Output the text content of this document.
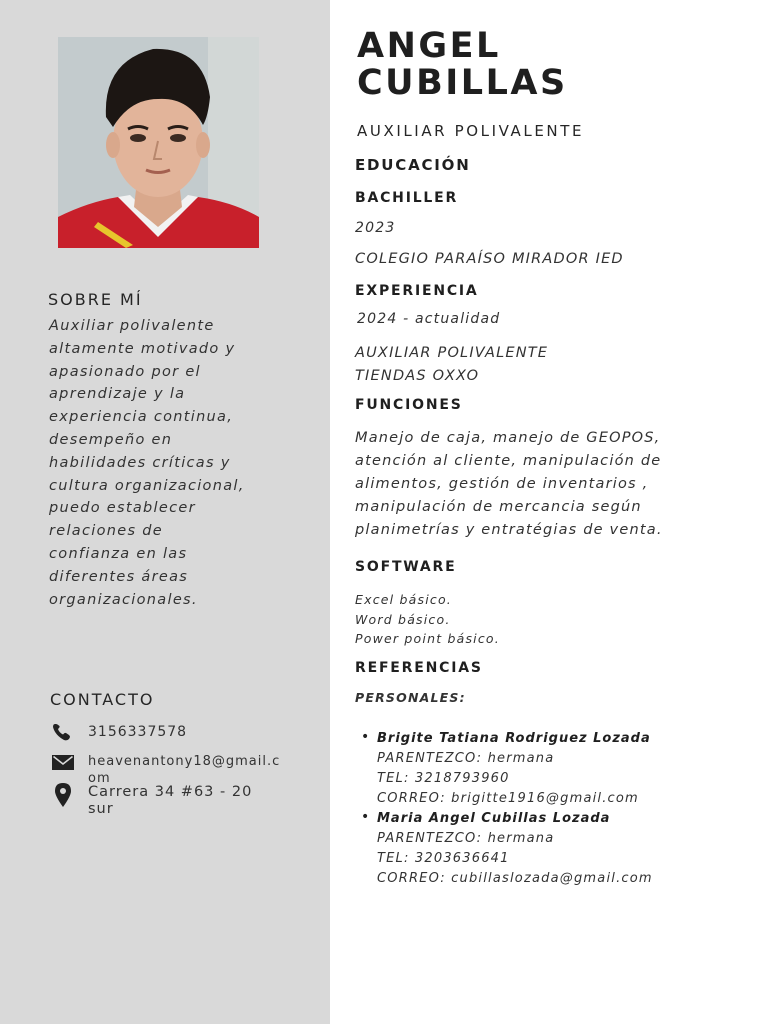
SOBRE MÍ
Auxiliar polivalente
altamente motivado y
apasionado por el
aprendizaje y la
experiencia continua,
desempeño en
habilidades críticas y
cultura organizacional,
puedo establecer
relaciones de
confianza en las
diferentes áreas
organizacionales.
CONTACTO
3156337578
heavenantony18@gmail.c
om
Carrera 34 #63 - 20
sur
ANGEL
CUBILLAS
AUXILIAR POLIVALENTE
EDUCACIÓN
BACHILLER
2023
COLEGIO PARAÍSO MIRADOR IED
EXPERIENCIA
2024 - actualidad
AUXILIAR POLIVALENTE
TIENDAS OXXO
FUNCIONES
Manejo de caja, manejo de GEOPOS,
atención al cliente, manipulación de
alimentos, gestión de inventarios ,
manipulación de mercancia según
planimetrías y entratégias de venta.
SOFTWARE
Excel básico.
Word básico.
Power point básico.
REFERENCIAS
PERSONALES:
• Brigite Tatiana Rodriguez Lozada
PARENTEZCO: hermana
TEL: 3218793960
CORREO: brigitte1916@gmail.com
• Maria Angel Cubillas Lozada
PARENTEZCO: hermana
TEL: 3203636641
CORREO: cubillaslozada@gmail.com
